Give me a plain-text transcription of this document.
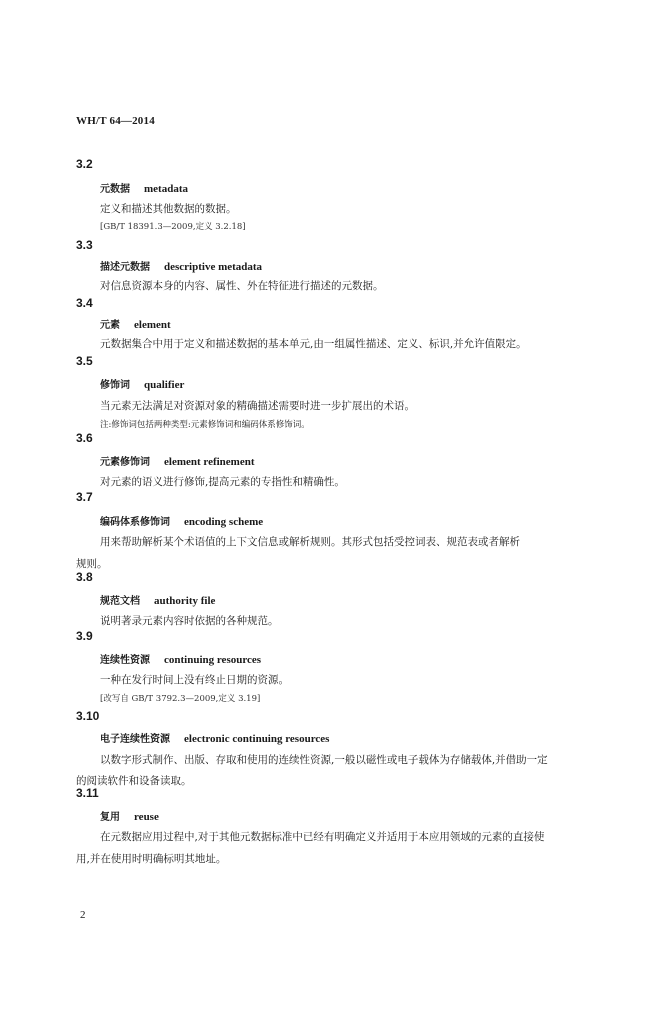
WH/T 64—2014
3.2
元数据 metadata
定义和描述其他数据的数据。
[GB/T 18391.3—2009,定义 3.2.18]
3.3
描述元数据 descriptive metadata
对信息资源本身的内容、属性、外在特征进行描述的元数据。
3.4
元素 element
元数据集合中用于定义和描述数据的基本单元,由一组属性描述、定义、标识,并允许值限定。
3.5
修饰词 qualifier
当元素无法满足对资源对象的精确描述需要时进一步扩展出的术语。
注:修饰词包括两种类型:元素修饰词和编码体系修饰词。
3.6
元素修饰词 element refinement
对元素的语义进行修饰,提高元素的专指性和精确性。
3.7
编码体系修饰词 encoding scheme
用来帮助解析某个术语值的上下文信息或解析规则。其形式包括受控词表、规范表或者解析
规则。
3.8
规范文档 authority file
说明著录元素内容时依据的各种规范。
3.9
连续性资源 continuing resources
一种在发行时间上没有终止日期的资源。
[改写自 GB/T 3792.3—2009,定义 3.19]
3.10
电子连续性资源 electronic continuing resources
以数字形式制作、出版、存取和使用的连续性资源,一般以磁性或电子载体为存储载体,并借助一定
的阅读软件和设备读取。
3.11
复用 reuse
在元数据应用过程中,对于其他元数据标准中已经有明确定义并适用于本应用领域的元素的直接使
用,并在使用时明确标明其地址。
2
